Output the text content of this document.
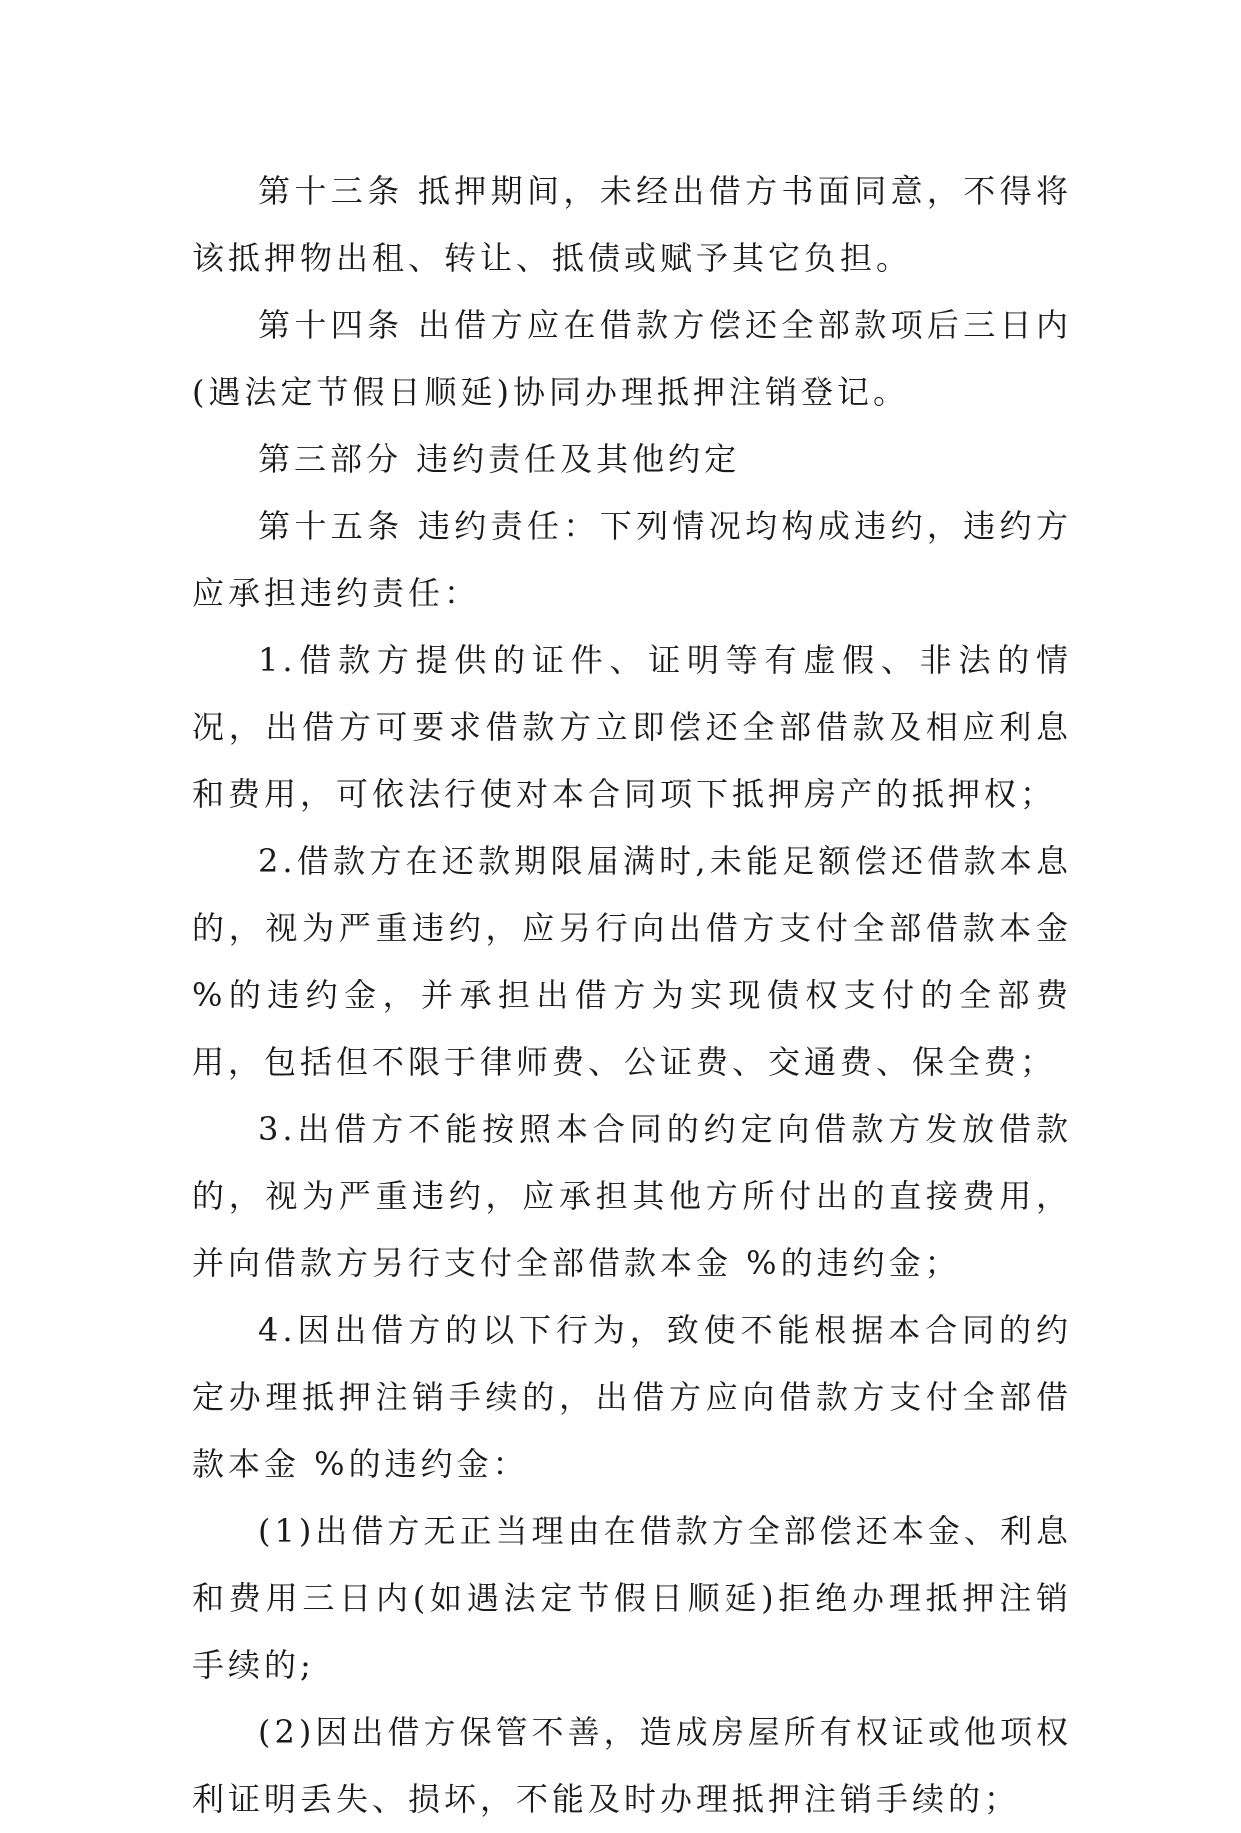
第十三条 抵押期间，未经出借方书面同意，不得将该抵押物出租、转让、抵债或赋予其它负担。

第十四条 出借方应在借款方偿还全部款项后三日内(遇法定节假日顺延)协同办理抵押注销登记。

第三部分 违约责任及其他约定

第十五条 违约责任：下列情况均构成违约，违约方应承担违约责任：

1.借款方提供的证件、证明等有虚假、非法的情况，出借方可要求借款方立即偿还全部借款及相应利息和费用，可依法行使对本合同项下抵押房产的抵押权；

2.借款方在还款期限届满时,未能足额偿还借款本息的，视为严重违约，应另行向出借方支付全部借款本金 %的违约金，并承担出借方为实现债权支付的全部费用，包括但不限于律师费、公证费、交通费、保全费；

3.出借方不能按照本合同的约定向借款方发放借款的，视为严重违约，应承担其他方所付出的直接费用，并向借款方另行支付全部借款本金 %的违约金；

4.因出借方的以下行为，致使不能根据本合同的约定办理抵押注销手续的，出借方应向借款方支付全部借款本金 %的违约金：

(1)出借方无正当理由在借款方全部偿还本金、利息和费用三日内(如遇法定节假日顺延)拒绝办理抵押注销手续的;

(2)因出借方保管不善，造成房屋所有权证或他项权利证明丢失、损坏，不能及时办理抵押注销手续的；
